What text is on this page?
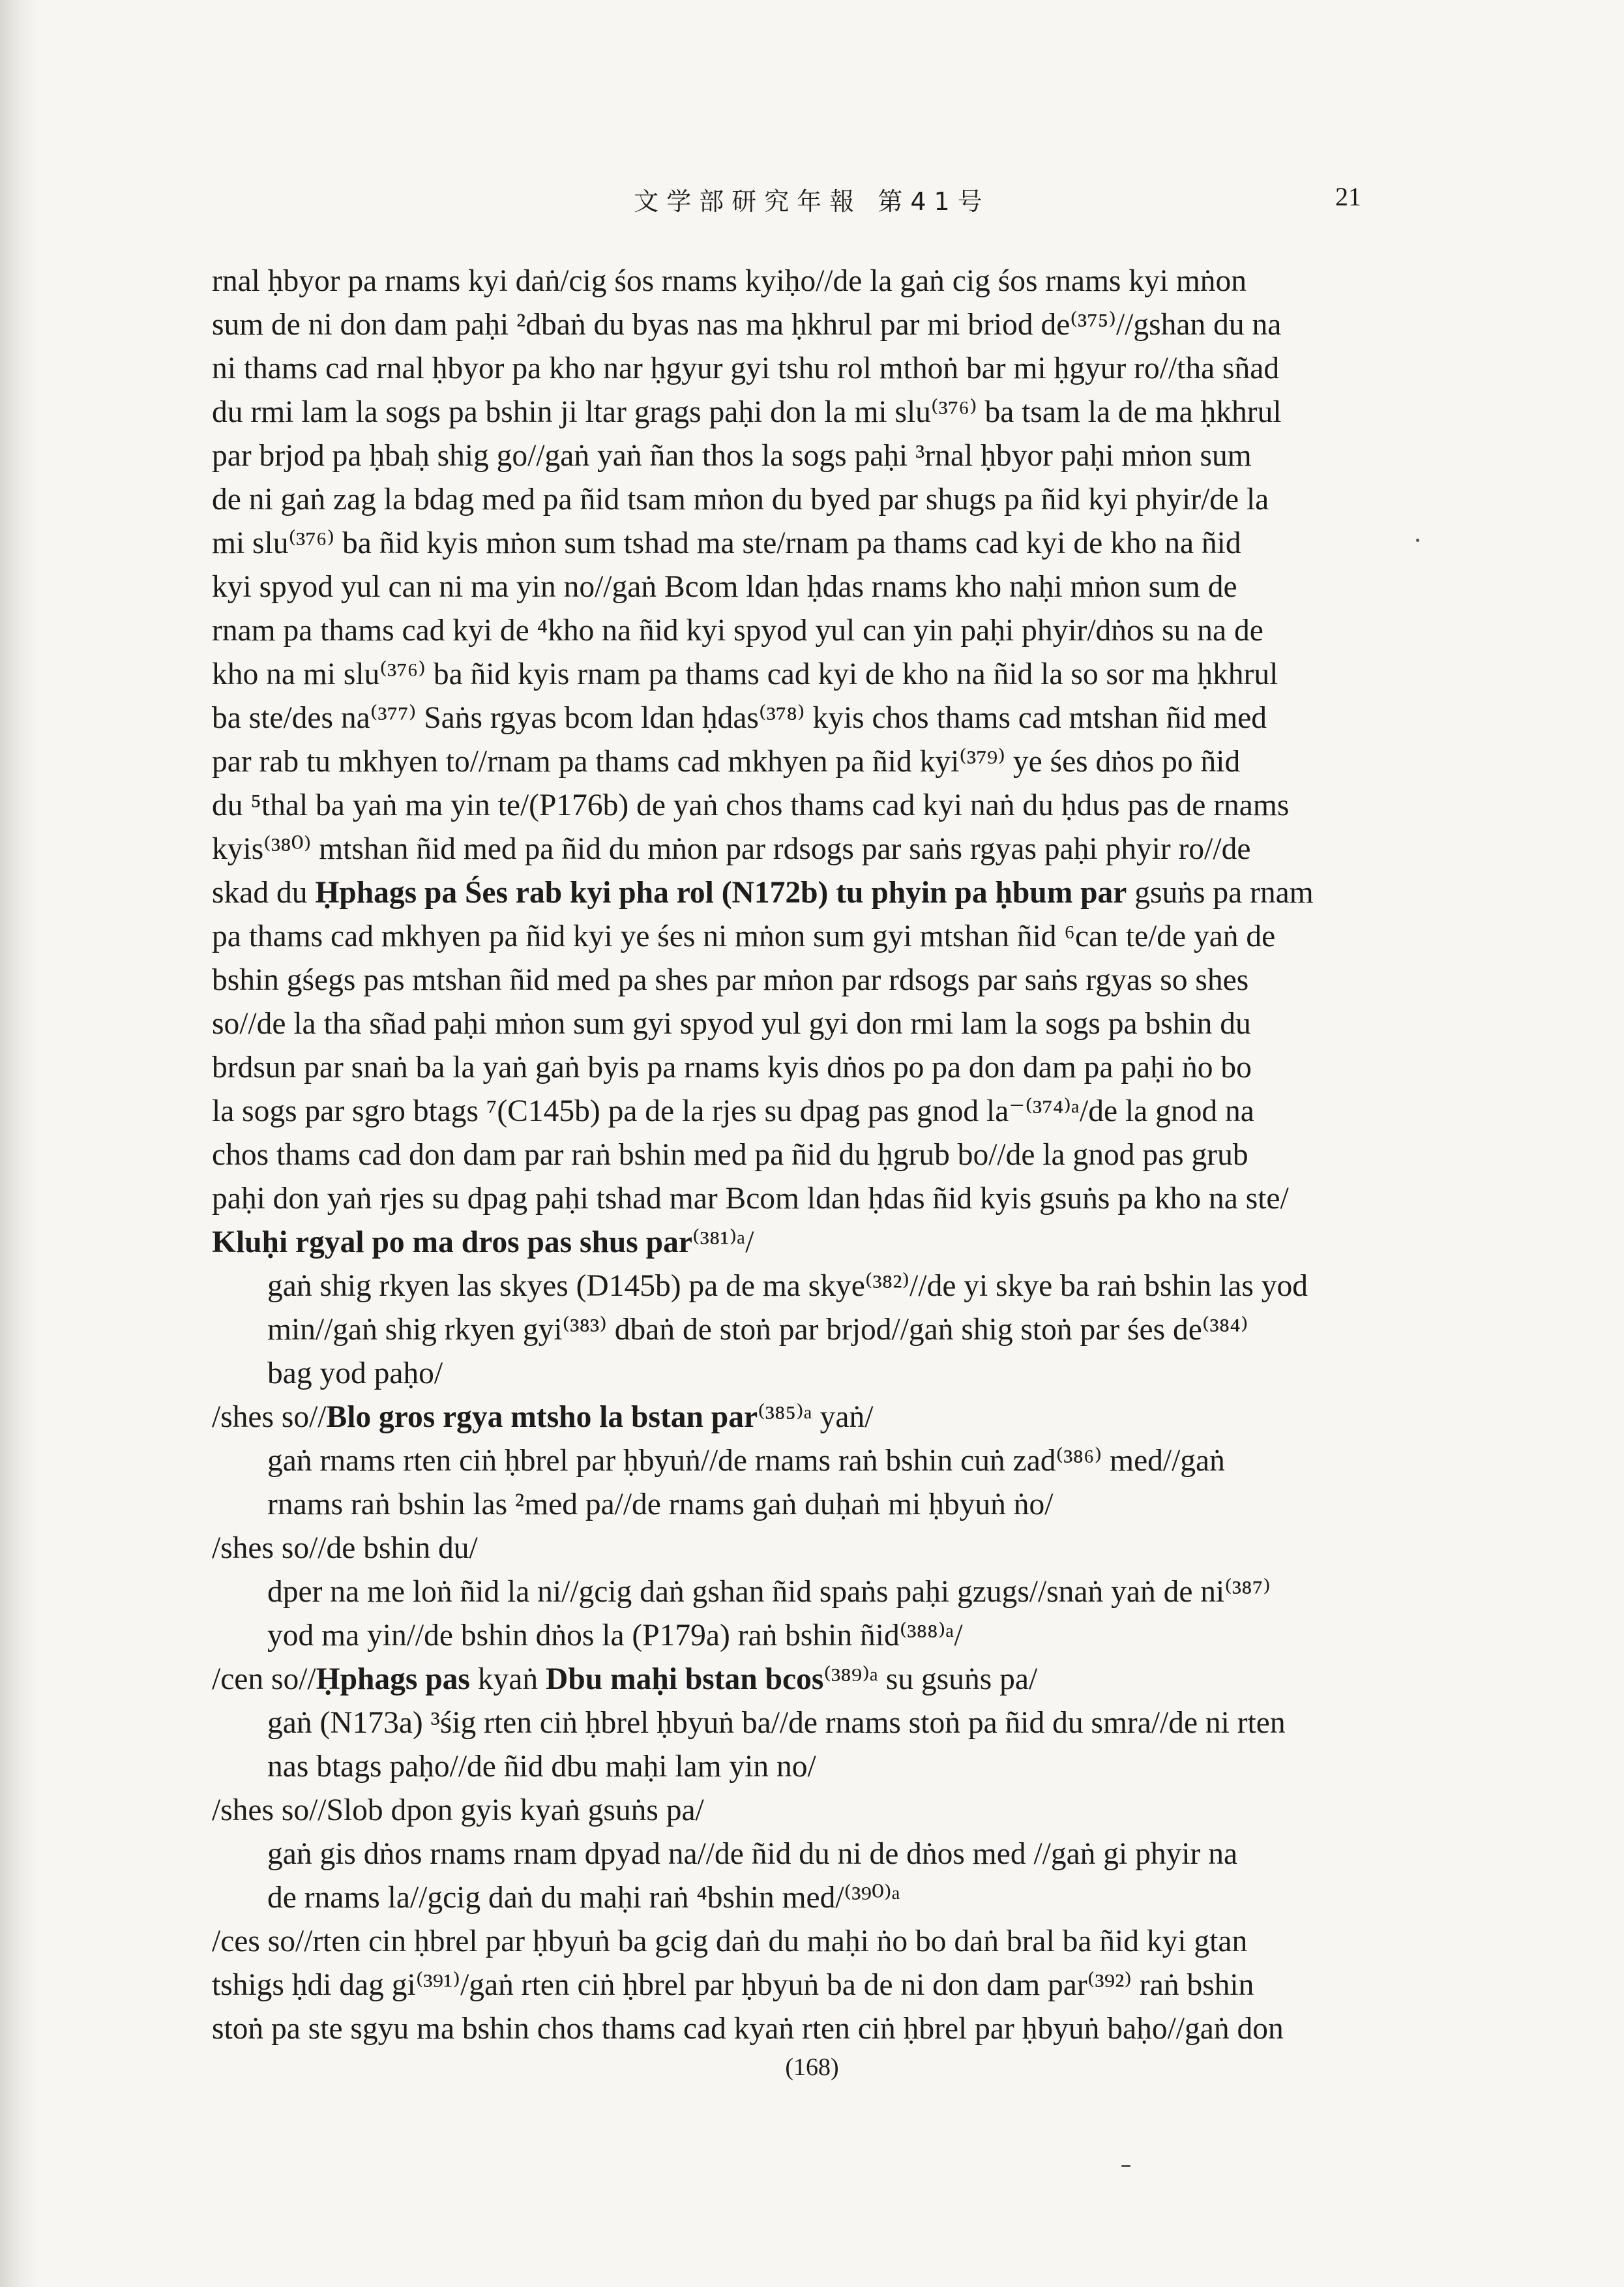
文学部研究年報 第41号	21
rnal ḥbyor pa rnams kyi daṅ/cig śos rnams kyiḥo//de la gaṅ cig śos rnams kyi mṅon
sum de ni don dam paḥi ²dbaṅ du byas nas ma ḥkhrul par mi briod de⁽³⁷⁵⁾//gshan du na
ni thams cad rnal ḥbyor pa kho nar ḥgyur gyi tshu rol mthoṅ bar mi ḥgyur ro//tha sñad
du rmi lam la sogs pa bshin ji ltar grags paḥi don la mi slu⁽³⁷⁶⁾ ba tsam la de ma ḥkhrul
par brjod pa ḥbaḥ shig go//gaṅ yaṅ ñan thos la sogs paḥi ³rnal ḥbyor paḥi mṅon sum
de ni gaṅ zag la bdag med pa ñid tsam mṅon du byed par shugs pa ñid kyi phyir/de la
mi slu⁽³⁷⁶⁾ ba ñid kyis mṅon sum tshad ma ste/rnam pa thams cad kyi de kho na ñid
kyi spyod yul can ni ma yin no//gaṅ Bcom ldan ḥdas rnams kho naḥi mṅon sum de
rnam pa thams cad kyi de ⁴kho na ñid kyi spyod yul can yin paḥi phyir/dṅos su na de
kho na mi slu⁽³⁷⁶⁾ ba ñid kyis rnam pa thams cad kyi de kho na ñid la so sor ma ḥkhrul
ba ste/des na⁽³⁷⁷⁾ Saṅs rgyas bcom ldan ḥdas⁽³⁷⁸⁾ kyis chos thams cad mtshan ñid med
par rab tu mkhyen to//rnam pa thams cad mkhyen pa ñid kyi⁽³⁷⁹⁾ ye śes dṅos po ñid
du ⁵thal ba yaṅ ma yin te/(P176b) de yaṅ chos thams cad kyi naṅ du ḥdus pas de rnams
kyis⁽³⁸⁰⁾ mtshan ñid med pa ñid du mṅon par rdsogs par saṅs rgyas paḥi phyir ro//de
skad du Ḥphags pa Śes rab kyi pha rol (N172b) tu phyin pa ḥbum par gsuṅs pa rnam
pa thams cad mkhyen pa ñid kyi ye śes ni mṅon sum gyi mtshan ñid ⁶can te/de yaṅ de
bshin gśegs pas mtshan ñid med pa shes par mṅon par rdsogs par saṅs rgyas so shes
so//de la tha sñad paḥi mṅon sum gyi spyod yul gyi don rmi lam la sogs pa bshin du
brdsun par snaṅ ba la yaṅ gaṅ byis pa rnams kyis dṅos po pa don dam pa paḥi ṅo bo
la sogs par sgro btags ⁷(C145b) pa de la rjes su dpag pas gnod la⁻⁽³⁷⁴⁾ᵃ/de la gnod na
chos thams cad don dam par raṅ bshin med pa ñid du ḥgrub bo//de la gnod pas grub
paḥi don yaṅ rjes su dpag paḥi tshad mar Bcom ldan ḥdas ñid kyis gsuṅs pa kho na ste/
Kluḥi rgyal po ma dros pas shus par⁽³⁸¹⁾ᵃ/
gaṅ shig rkyen las skyes (D145b) pa de ma skye⁽³⁸²⁾//de yi skye ba raṅ bshin las yod
min//gaṅ shig rkyen gyi⁽³⁸³⁾ dbaṅ de stoṅ par brjod//gaṅ shig stoṅ par śes de⁽³⁸⁴⁾
bag yod paḥo/
/shes so//Blo gros rgya mtsho la bstan par⁽³⁸⁵⁾ᵃ yaṅ/
gaṅ rnams rten ciṅ ḥbrel par ḥbyuṅ//de rnams raṅ bshin cuṅ zad⁽³⁸⁶⁾ med//gaṅ
rnams raṅ bshin las ²med pa//de rnams gaṅ duḥaṅ mi ḥbyuṅ ṅo/
/shes so//de bshin du/
dper na me loṅ ñid la ni//gcig daṅ gshan ñid spaṅs paḥi gzugs//snaṅ yaṅ de ni⁽³⁸⁷⁾
yod ma yin//de bshin dṅos la (P179a) raṅ bshin ñid⁽³⁸⁸⁾ᵃ/
/cen so//Ḥphags pas kyaṅ Dbu maḥi bstan bcos⁽³⁸⁹⁾ᵃ su gsuṅs pa/
gaṅ (N173a) ³śig rten ciṅ ḥbrel ḥbyuṅ ba//de rnams stoṅ pa ñid du smra//de ni rten
nas btags paḥo//de ñid dbu maḥi lam yin no/
/shes so//Slob dpon gyis kyaṅ gsuṅs pa/
gaṅ gis dṅos rnams rnam dpyad na//de ñid du ni de dṅos med //gaṅ gi phyir na
de rnams la//gcig daṅ du maḥi raṅ ⁴bshin med/⁽³⁹⁰⁾ᵃ
/ces so//rten cin ḥbrel par ḥbyuṅ ba gcig daṅ du maḥi ṅo bo daṅ bral ba ñid kyi gtan
tshigs ḥdi dag gi⁽³⁹¹⁾/gaṅ rten ciṅ ḥbrel par ḥbyuṅ ba de ni don dam par⁽³⁹²⁾ raṅ bshin
stoṅ pa ste sgyu ma bshin chos thams cad kyaṅ rten ciṅ ḥbrel par ḥbyuṅ baḥo//gaṅ don
(168)
